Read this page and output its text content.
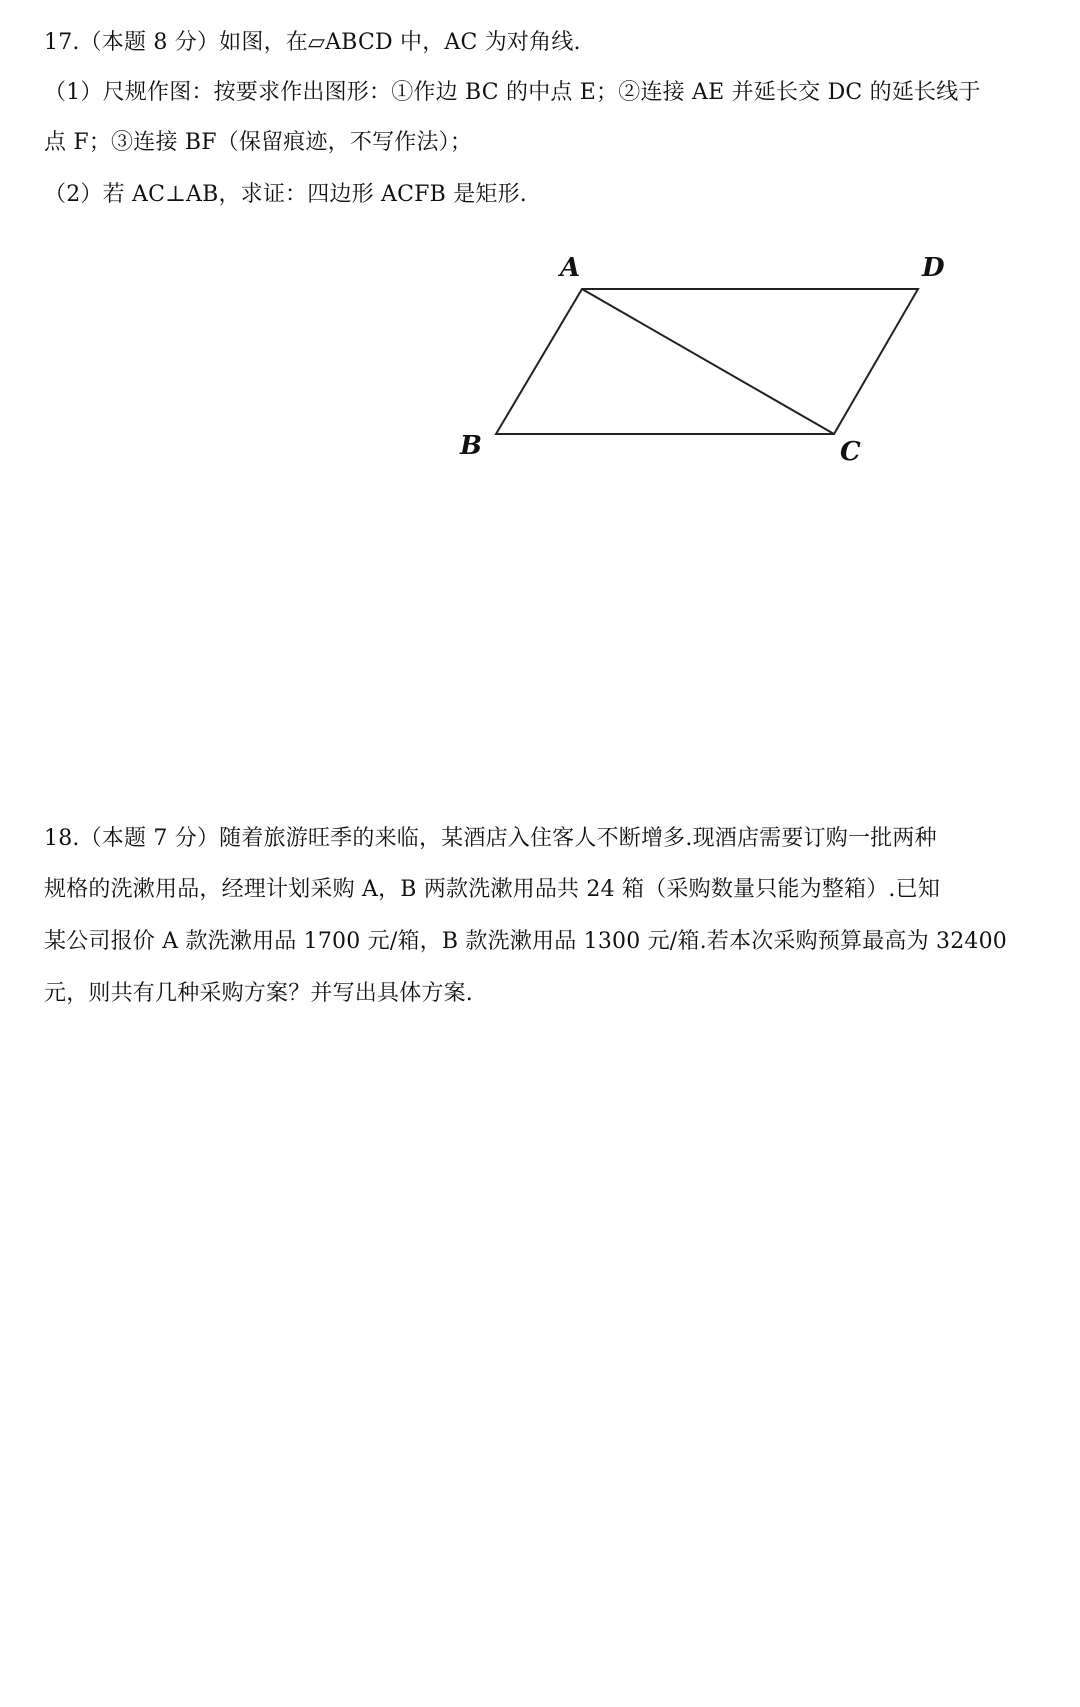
17.（本题 8 分）如图，在▱ABCD 中，AC 为对角线.
（1）尺规作图：按要求作出图形：①作边 BC 的中点 E；②连接 AE 并延长交 DC 的延长线于
点 F；③连接 BF（保留痕迹，不写作法）；
（2）若 AC⊥AB，求证：四边形 ACFB 是矩形.
A	D
B	C
18.（本题 7 分）随着旅游旺季的来临，某酒店入住客人不断增多.现酒店需要订购一批两种
规格的洗漱用品，经理计划采购 A，B 两款洗漱用品共 24 箱（采购数量只能为整箱）.已知
某公司报价 A 款洗漱用品 1700 元/箱，B 款洗漱用品 1300 元/箱.若本次采购预算最高为 32400
元，则共有几种采购方案？并写出具体方案.
